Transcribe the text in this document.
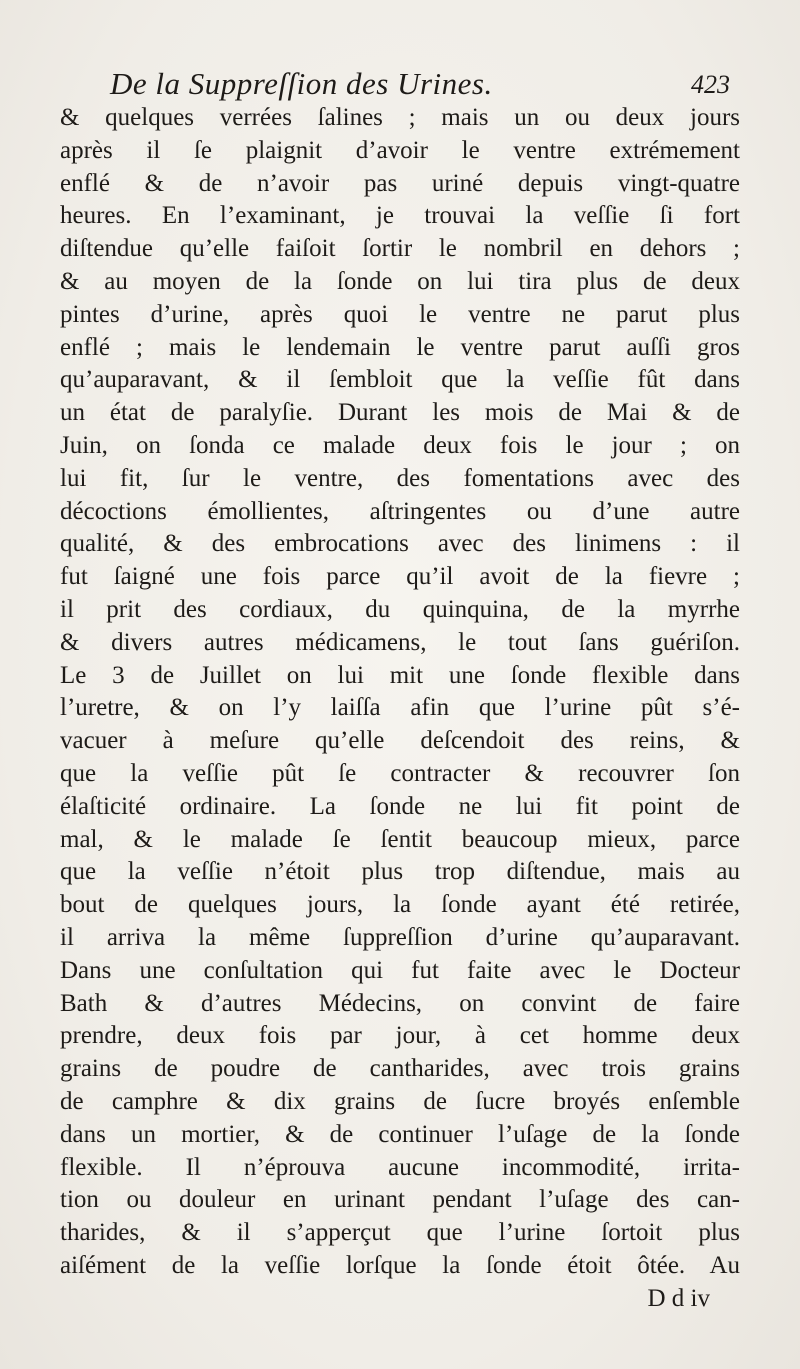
De la Suppreſſion des Urines.	423
& quelques verrées ſalines ; mais un ou deux jours
après il ſe plaignit d’avoir le ventre extrémement
enflé & de n’avoir pas uriné depuis vingt-quatre
heures. En l’examinant, je trouvai la veſſie ſi fort
diſtendue qu’elle faiſoit ſortir le nombril en dehors ;
& au moyen de la ſonde on lui tira plus de deux
pintes d’urine, après quoi le ventre ne parut plus
enflé ; mais le lendemain le ventre parut auſſi gros
qu’auparavant, & il ſembloit que la veſſie fût dans
un état de paralyſie. Durant les mois de Mai & de
Juin, on ſonda ce malade deux fois le jour ; on
lui fit, ſur le ventre, des fomentations avec des
décoctions émollientes, aſtringentes ou d’une autre
qualité, & des embrocations avec des linimens : il
fut ſaigné une fois parce qu’il avoit de la fievre ;
il prit des cordiaux, du quinquina, de la myrrhe
& divers autres médicamens, le tout ſans guériſon.
Le 3 de Juillet on lui mit une ſonde flexible dans
l’uretre, & on l’y laiſſa afin que l’urine pût s’é-
vacuer à meſure qu’elle deſcendoit des reins, &
que la veſſie pût ſe contracter & recouvrer ſon
élaſticité ordinaire. La ſonde ne lui fit point de
mal, & le malade ſe ſentit beaucoup mieux, parce
que la veſſie n’étoit plus trop diſtendue, mais au
bout de quelques jours, la ſonde ayant été retirée,
il arriva la même ſuppreſſion d’urine qu’auparavant.
Dans une conſultation qui fut faite avec le Docteur
Bath & d’autres Médecins, on convint de faire
prendre, deux fois par jour, à cet homme deux
grains de poudre de cantharides, avec trois grains
de camphre & dix grains de ſucre broyés enſemble
dans un mortier, & de continuer l’uſage de la ſonde
flexible. Il n’éprouva aucune incommodité, irrita-
tion ou douleur en urinant pendant l’uſage des can-
tharides, & il s’apperçut que l’urine ſortoit plus
aiſément de la veſſie lorſque la ſonde étoit ôtée. Au
D d iv
